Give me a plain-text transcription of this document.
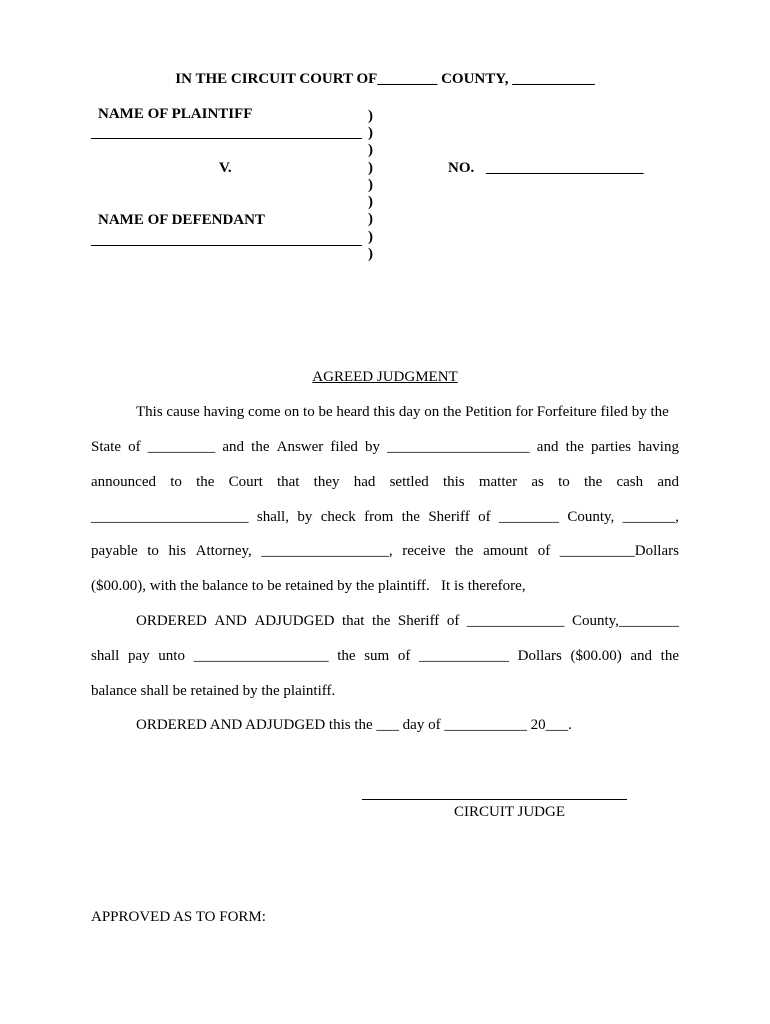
IN THE CIRCUIT COURT OF________ COUNTY, ___________
NAME OF PLAINTIFF
V.
NAME OF DEFENDANT
)
)
)
)
)
)
)
)
)
NO. _____________________
AGREED JUDGMENT
This cause having come on to be heard this day on the Petition for Forfeiture filed by the
State of _________ and the Answer filed by ___________________ and the parties having
announced to the Court that they had settled this matter as to the cash and
_____________________ shall, by check from the Sheriff of ________ County, _______,
payable to his Attorney, _________________, receive the amount of __________Dollars
($00.00), with the balance to be retained by the plaintiff.   It is therefore,
ORDERED AND ADJUDGED that the Sheriff of _____________ County,________
shall pay unto __________________ the sum of ____________ Dollars ($00.00) and the
balance shall be retained by the plaintiff.
ORDERED AND ADJUDGED this the ___ day of ___________ 20___.
CIRCUIT JUDGE
APPROVED AS TO FORM:
